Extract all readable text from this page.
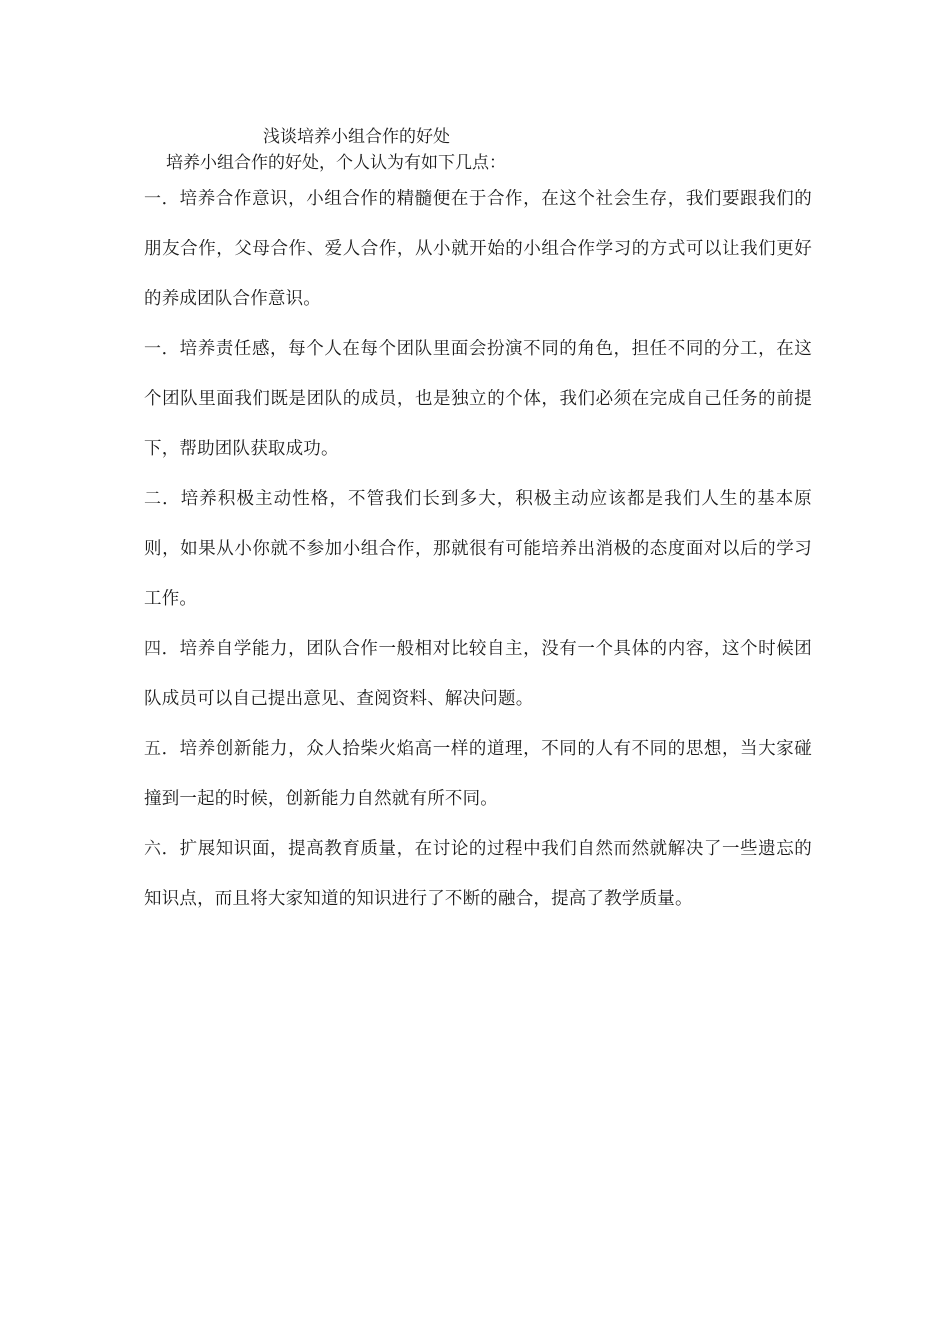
浅谈培养小组合作的好处

培养小组合作的好处，个人认为有如下几点：

一．培养合作意识，小组合作的精髓便在于合作，在这个社会生存，我们要跟我们的朋友合作，父母合作、爱人合作，从小就开始的小组合作学习的方式可以让我们更好的养成团队合作意识。

一．培养责任感，每个人在每个团队里面会扮演不同的角色，担任不同的分工，在这个团队里面我们既是团队的成员，也是独立的个体，我们必须在完成自己任务的前提下，帮助团队获取成功。

二．培养积极主动性格，不管我们长到多大，积极主动应该都是我们人生的基本原则，如果从小你就不参加小组合作，那就很有可能培养出消极的态度面对以后的学习工作。

四．培养自学能力，团队合作一般相对比较自主，没有一个具体的内容，这个时候团队成员可以自己提出意见、查阅资料、解决问题。

五．培养创新能力，众人拾柴火焰高一样的道理，不同的人有不同的思想，当大家碰撞到一起的时候，创新能力自然就有所不同。

六．扩展知识面，提高教育质量，在讨论的过程中我们自然而然就解决了一些遗忘的知识点，而且将大家知道的知识进行了不断的融合，提高了教学质量。
